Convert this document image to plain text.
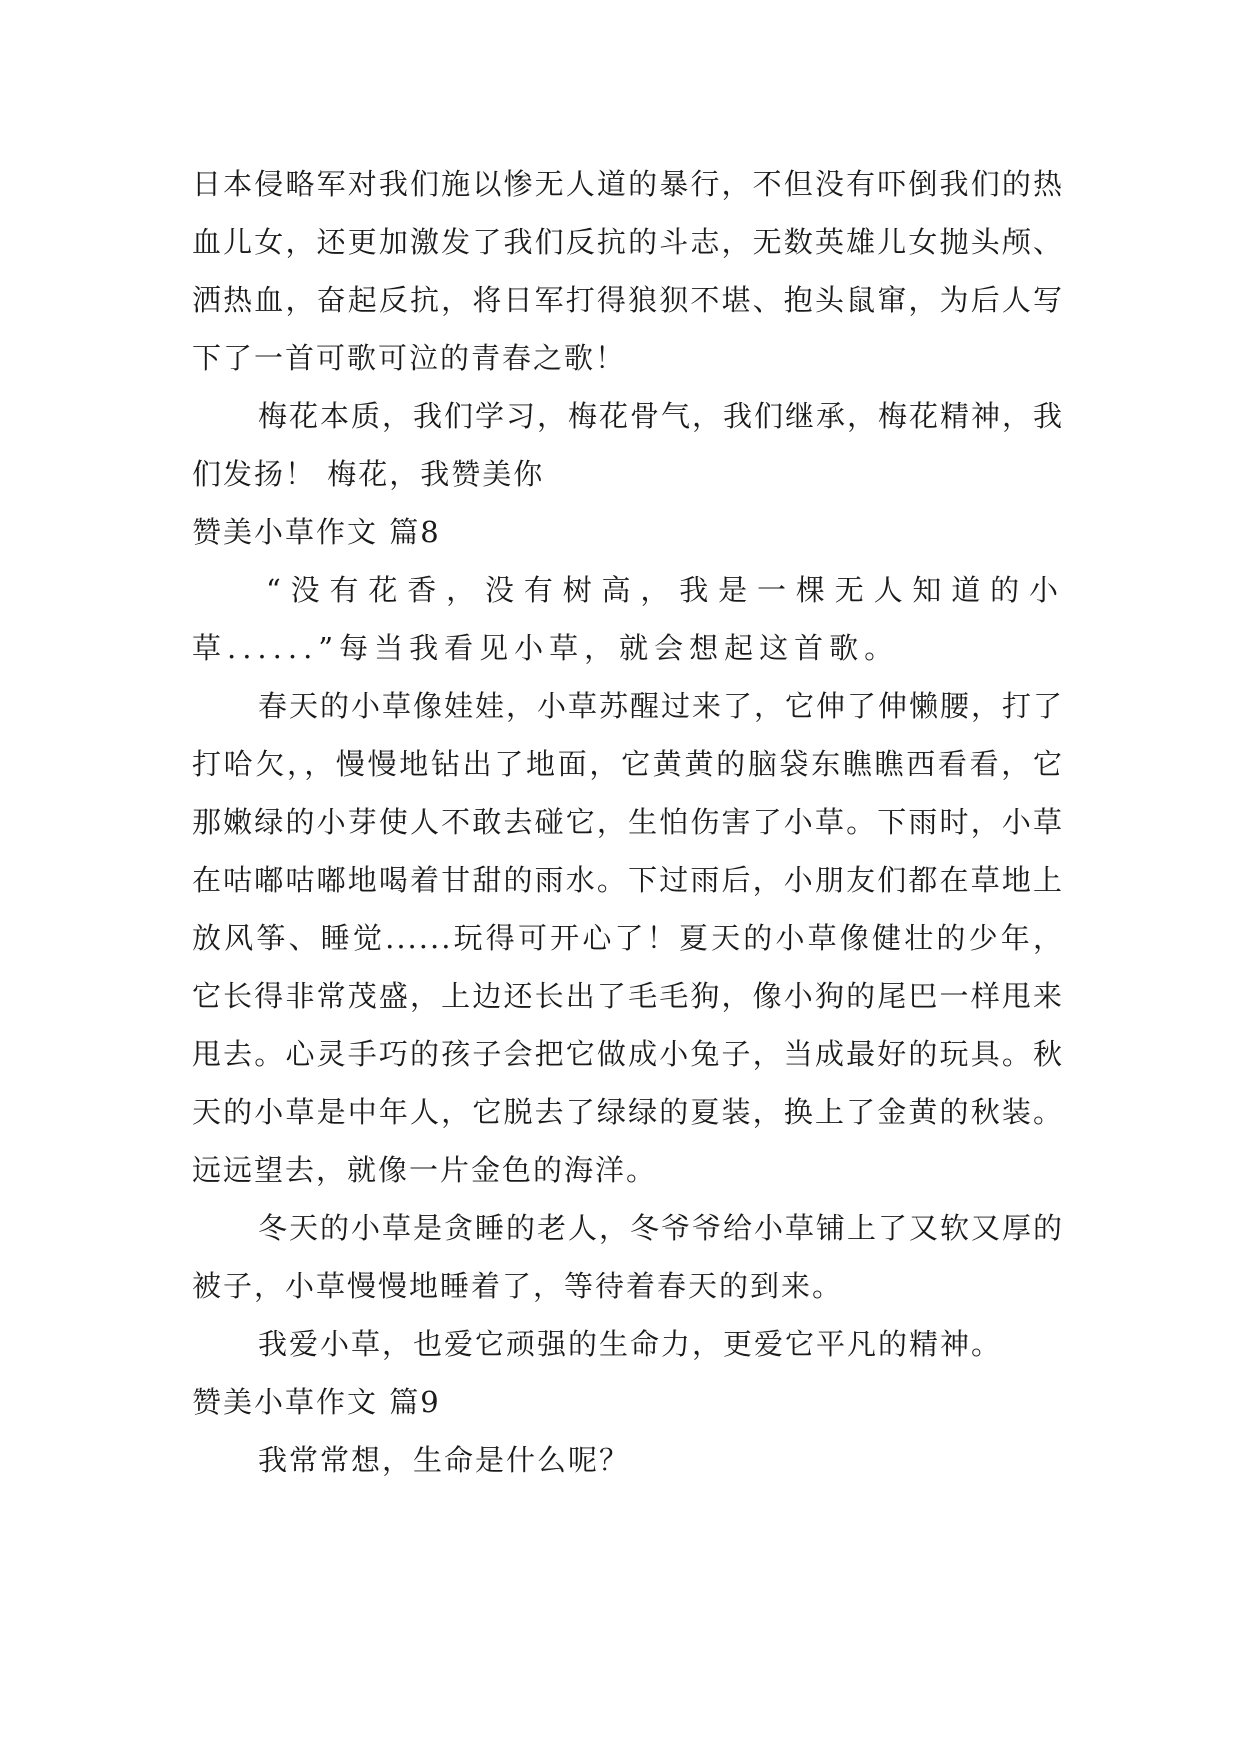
日本侵略军对我们施以惨无人道的暴行，不但没有吓倒我们的热血儿女，还更加激发了我们反抗的斗志，无数英雄儿女抛头颅、洒热血，奋起反抗，将日军打得狼狈不堪、抱头鼠窜，为后人写下了一首可歌可泣的青春之歌！

梅花本质，我们学习，梅花骨气，我们继承，梅花精神，我们发扬！ 梅花，我赞美你

赞美小草作文 篇8

“没有花香，没有树高，我是一棵无人知道的小草......”每当我看见小草，就会想起这首歌。

春天的小草像娃娃，小草苏醒过来了，它伸了伸懒腰，打了打哈欠，，慢慢地钻出了地面，它黄黄的脑袋东瞧瞧西看看，它那嫩绿的小芽使人不敢去碰它，生怕伤害了小草。下雨时，小草在咕嘟咕嘟地喝着甘甜的雨水。下过雨后，小朋友们都在草地上放风筝、睡觉......玩得可开心了！夏天的小草像健壮的少年，它长得非常茂盛，上边还长出了毛毛狗，像小狗的尾巴一样甩来甩去。心灵手巧的孩子会把它做成小兔子，当成最好的玩具。秋天的小草是中年人，它脱去了绿绿的夏装，换上了金黄的秋装。远远望去，就像一片金色的海洋。

冬天的小草是贪睡的老人，冬爷爷给小草铺上了又软又厚的被子，小草慢慢地睡着了，等待着春天的到来。

我爱小草，也爱它顽强的生命力，更爱它平凡的精神。

赞美小草作文 篇9

我常常想，生命是什么呢？
